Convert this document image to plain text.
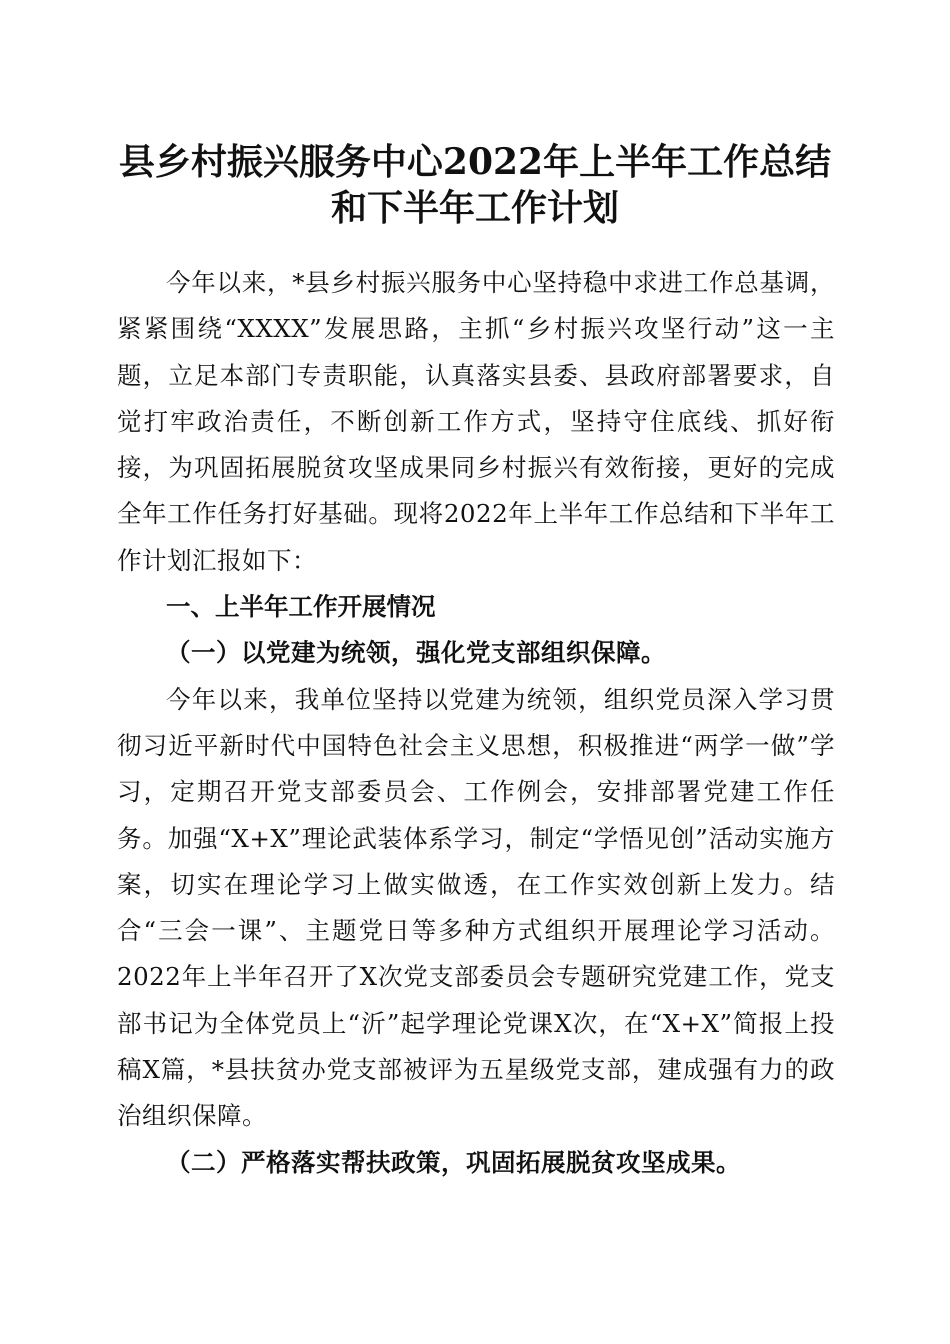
县乡村振兴服务中心2022年上半年工作总结
和下半年工作计划

今年以来，*县乡村振兴服务中心坚持稳中求进工作总基调，紧紧围绕“XXXX”发展思路，主抓“乡村振兴攻坚行动”这一主题，立足本部门专责职能，认真落实县委、县政府部署要求，自觉打牢政治责任，不断创新工作方式，坚持守住底线、抓好衔接，为巩固拓展脱贫攻坚成果同乡村振兴有效衔接，更好的完成全年工作任务打好基础。现将2022年上半年工作总结和下半年工作计划汇报如下：

一、上半年工作开展情况

（一）以党建为统领，强化党支部组织保障。

今年以来，我单位坚持以党建为统领，组织党员深入学习贯彻习近平新时代中国特色社会主义思想，积极推进“两学一做”学习，定期召开党支部委员会、工作例会，安排部署党建工作任务。加强“X+X”理论武装体系学习，制定“学悟见创”活动实施方案，切实在理论学习上做实做透，在工作实效创新上发力。结合“三会一课”、主题党日等多种方式组织开展理论学习活动。2022年上半年召开了X次党支部委员会专题研究党建工作，党支部书记为全体党员上“沂”起学理论党课X次，在“X+X”简报上投稿X篇，*县扶贫办党支部被评为五星级党支部，建成强有力的政治组织保障。

（二）严格落实帮扶政策，巩固拓展脱贫攻坚成果。
